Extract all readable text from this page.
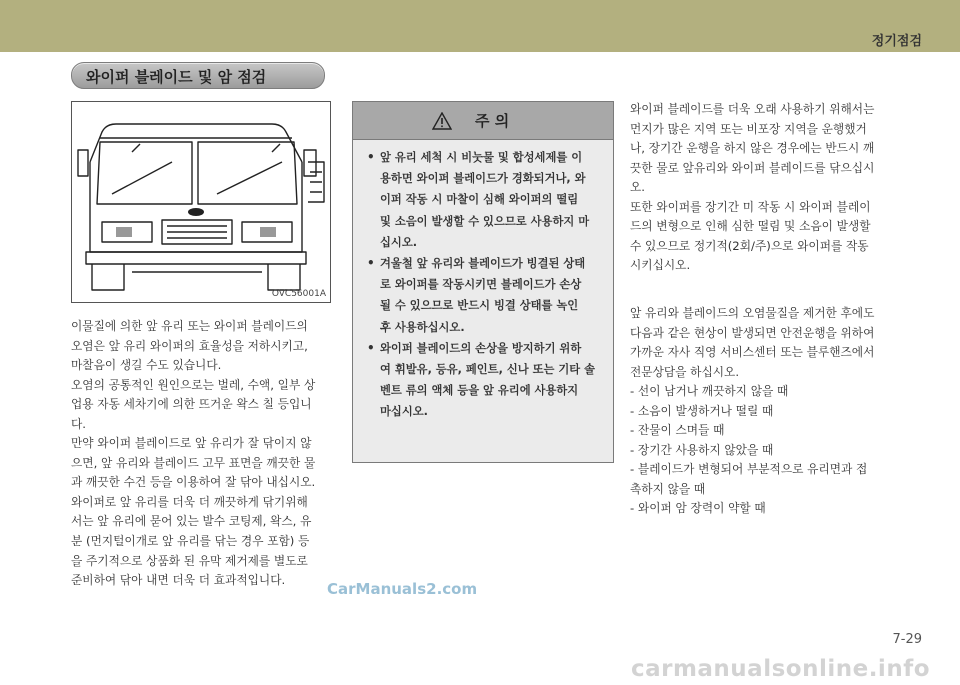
정기점검
와이퍼 블레이드 및 암 점검
OVC56001A
이물질에 의한 앞 유리 또는 와이퍼 블레이드의
오염은 앞 유리 와이퍼의 효율성을 저하시키고,
마찰음이 생길 수도 있습니다.
오염의 공통적인 원인으로는 벌레, 수액, 일부 상
업용 자동 세차기에 의한 뜨거운 왁스 칠 등입니
다.
만약 와이퍼 블레이드로 앞 유리가 잘 닦이지 않
으면, 앞 유리와 블레이드 고무 표면을 깨끗한 물
과 깨끗한 수건 등을 이용하여 잘 닦아 내십시오.
와이퍼로 앞 유리를 더욱 더 깨끗하게 닦기위해
서는 앞 유리에 묻어 있는 발수 코팅제, 왁스, 유
분 (먼지털이개로 앞 유리를 닦는 경우 포함) 등
을 주기적으로 상품화 된 유막 제거제를 별도로
준비하여 닦아 내면 더욱 더 효과적입니다.
주 의
• 앞 유리 세척 시 비눗물 및 합성세제를 이
용하면 와이퍼 블레이드가 경화되거나, 와
이퍼 작동 시 마찰이 심해 와이퍼의 떨림
및 소음이 발생할 수 있으므로 사용하지 마
십시오.
• 겨울철 앞 유리와 블레이드가 빙결된 상태
로 와이퍼를 작동시키면 블레이드가 손상
될 수 있으므로 반드시 빙결 상태를 녹인
후 사용하십시오.
• 와이퍼 블레이드의 손상을 방지하기 위하
여 휘발유, 등유, 페인트, 신나 또는 기타 솔
벤트 류의 액체 등을 앞 유리에 사용하지
마십시오.
와이퍼 블레이드를 더욱 오래 사용하기 위해서는
먼지가 많은 지역 또는 비포장 지역을 운행했거
나, 장기간 운행을 하지 않은 경우에는 반드시 깨
끗한 물로 앞유리와 와이퍼 블레이드를 닦으십시
오.
또한 와이퍼를 장기간 미 작동 시 와이퍼 블레이
드의 변형으로 인해 심한 떨림 및 소음이 발생할
수 있으므로 정기적(2회/주)으로 와이퍼를 작동
시키십시오.
앞 유리와 블레이드의 오염물질을 제거한 후에도
다음과 같은 현상이 발생되면 안전운행을 위하여
가까운 자사 직영 서비스센터 또는 블루핸즈에서
전문상담을 하십시오.
- 선이 남거나 깨끗하지 않을 때
- 소음이 발생하거나 떨릴 때
- 잔물이 스며들 때
- 장기간 사용하지 않았을 때
- 블레이드가 변형되어 부분적으로 유리면과 접
촉하지 않을 때
- 와이퍼 암 장력이 약할 때
CarManuals2.com
7-29
carmanualsonline.info
